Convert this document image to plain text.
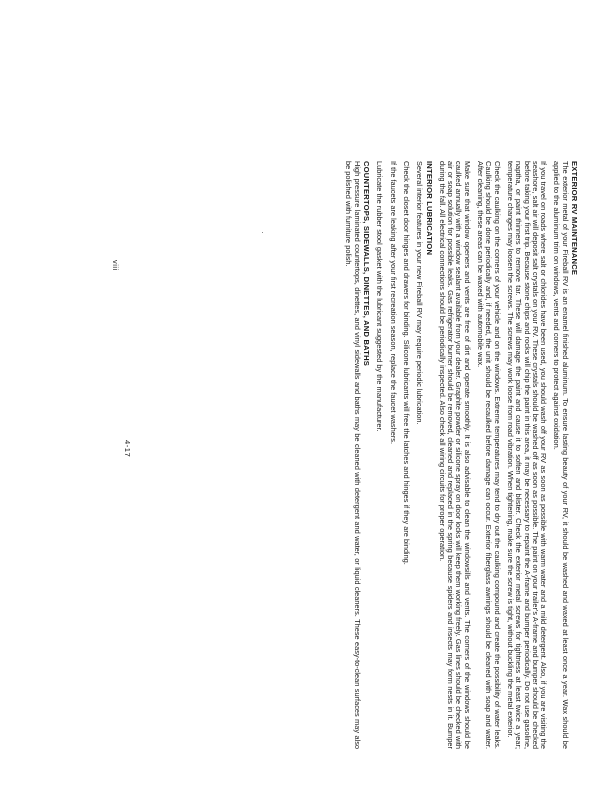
viii	EXTERIOR RV MAINTENANCE

The exterior metal of your Fireball RV is an enamel finished aluminum. To ensure lasting beauty of your RV, it should be washed and waxed at least once a year. Wax should be applied to the aluminum trim on windows, vents and corners to protect against oxidation.

If you travel on roads where salt or chlorides have been used, you should wash off your RV as soon as possible with warm water and a mild detergent. Also, if you are visiting the seashore, salt air will deposit salt crystals on your RV. These crystals should be washed off as soon as possible. The paint on your trailer's A-frame and bumper should be checked before taking your first trip. Because stone chips and rocks will chip the paint in this area, it may be necessary to repaint the A-frame and bumper periodically. Do not use gasoline, naptha, or paint thinners to remove tar. These will damage the paint and cause it to soften and blister. Check the exterior metal screws for tightness at least twice a year; temperature changes may loosen the screws. The screws may work loose from road vibration. When tightening, make sure the screw is tight, without buckling the metal exterior.

Check the caulking on the corners of your vehicle and on the windows. Extreme temperatures may tend to dry out the caulking compound and create the possibility of water leaks. Caulking should be done periodically and, if needed, the unit should be recaulked before damage can occur. Exterior fiberglass awnings should be cleaned with soap and water. After cleaning, these areas can be waxed with automobile wax.

Make sure that window openers and vents are free of dirt and operate smoothly. It is also advisable to clean the windowsills and vents. The corners of the windows should be caulked annually with a window sealant available from your dealer. Graphite powder or silicone spray on door locks will keep them working freely. Gas lines should be checked with air or soap solution for possible leaks. Gas refrigerator burner should be removed, cleaned and replaced in the spring because spiders and insects may form nests in it. Bumper during the fall. All electrical connections should be periodically inspected. Also check all wiring circuits for proper operation.

INTERIOR LUBRICATION

Several interior features in your new Fireball RV may require periodic lubrication.

Check the closet door hinges and drawers for binding. Silicone lubricants will free the latches and hinges if they are binding.

If the faucets are leaking after your first recreation season, replace the faucet washers.

Lubricate the rubber stool gasket with the lubricant suggested by the manufacturer.

COUNTERTOPS, SIDEWALLS, DINETTES, AND BATHS

High pressure laminated countertops, dinettes, and vinyl sidewalls and baths may be cleaned with detergent and water, or liquid cleaners. These easy-to-clean surfaces may also be polished with furniture polish.

4-17
